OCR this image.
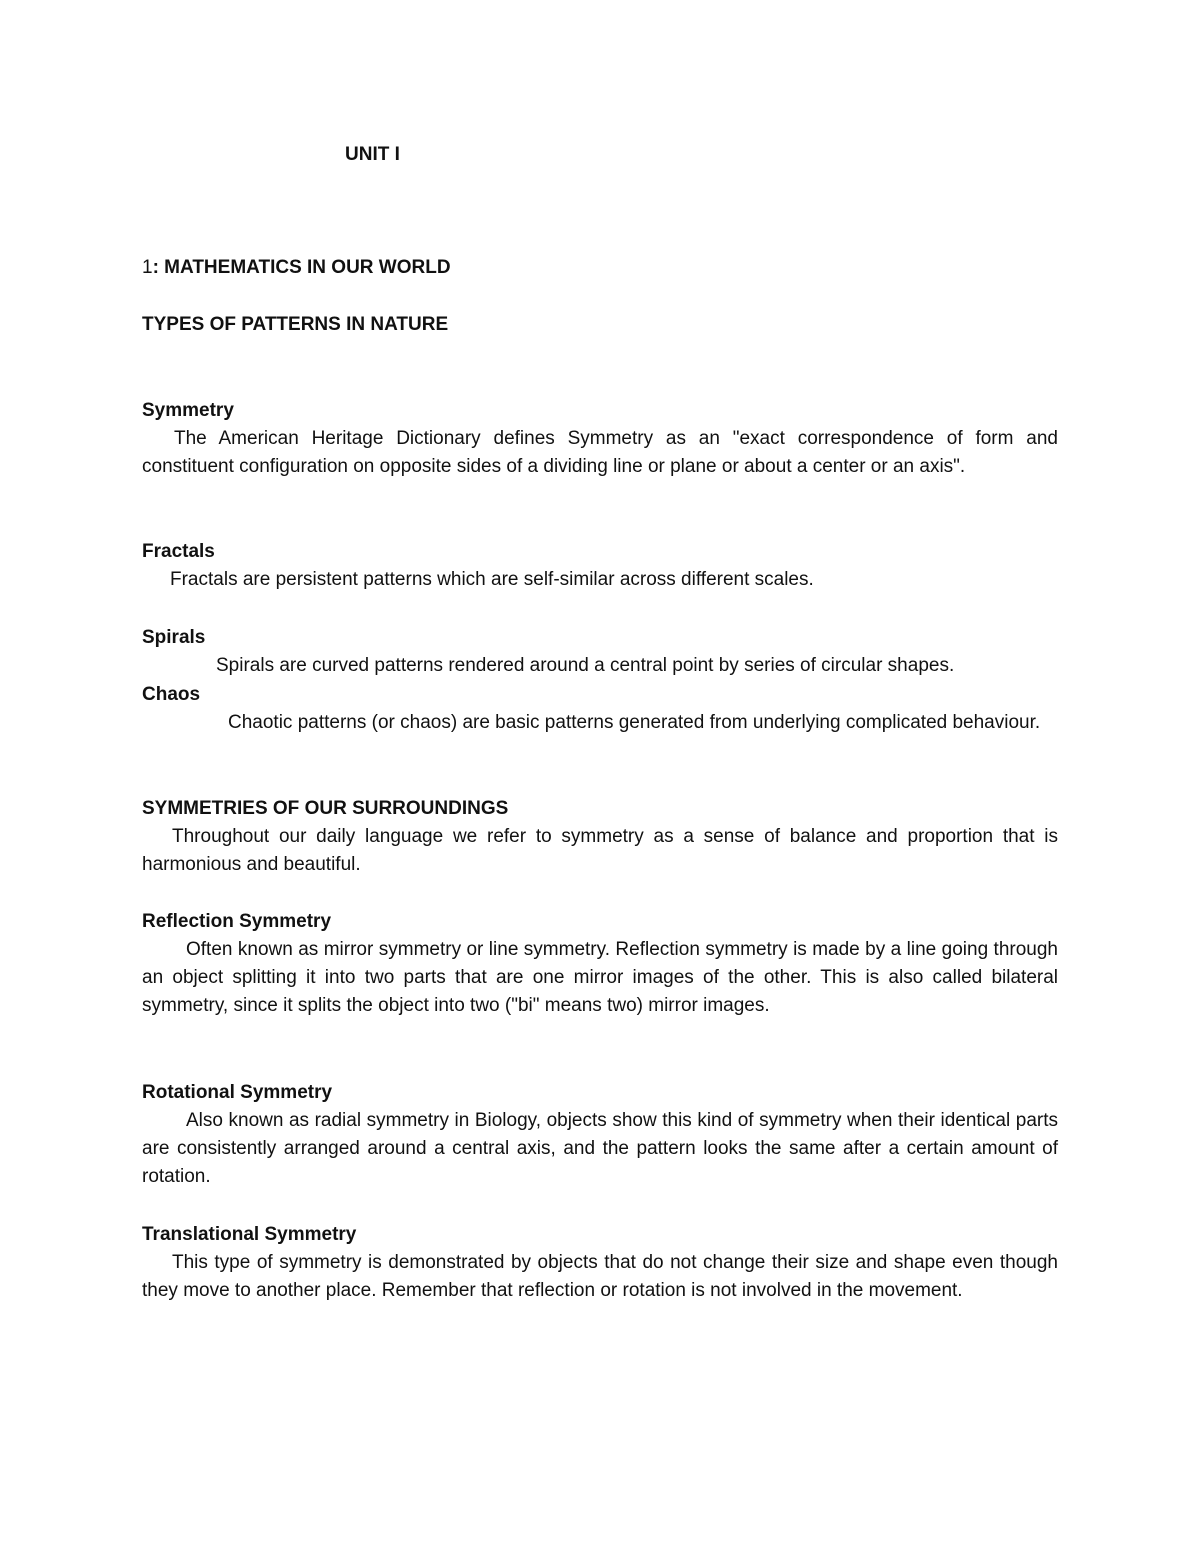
UNIT I

1: MATHEMATICS IN OUR WORLD

TYPES OF PATTERNS IN NATURE

Symmetry
The American Heritage Dictionary defines Symmetry as an "exact correspondence of form and constituent configuration on opposite sides of a dividing line or plane or about a center or an axis".
Fractals
Fractals are persistent patterns which are self-similar across different scales.
Spirals
Spirals are curved patterns rendered around a central point by series of circular shapes.
Chaos
Chaotic patterns (or chaos) are basic patterns generated from underlying complicated behaviour.
SYMMETRIES OF OUR SURROUNDINGS
Throughout our daily language we refer to symmetry as a sense of balance and proportion that is harmonious and beautiful.
Reflection Symmetry
Often known as mirror symmetry or line symmetry. Reflection symmetry is made by a line going through an object splitting it into two parts that are one mirror images of the other. This is also called bilateral symmetry, since it splits the object into two ("bi" means two) mirror images.
Rotational Symmetry
Also known as radial symmetry in Biology, objects show this kind of symmetry when their identical parts are consistently arranged around a central axis, and the pattern looks the same after a certain amount of rotation.
Translational Symmetry
This type of symmetry is demonstrated by objects that do not change their size and shape even though they move to another place. Remember that reflection or rotation is not involved in the movement.
